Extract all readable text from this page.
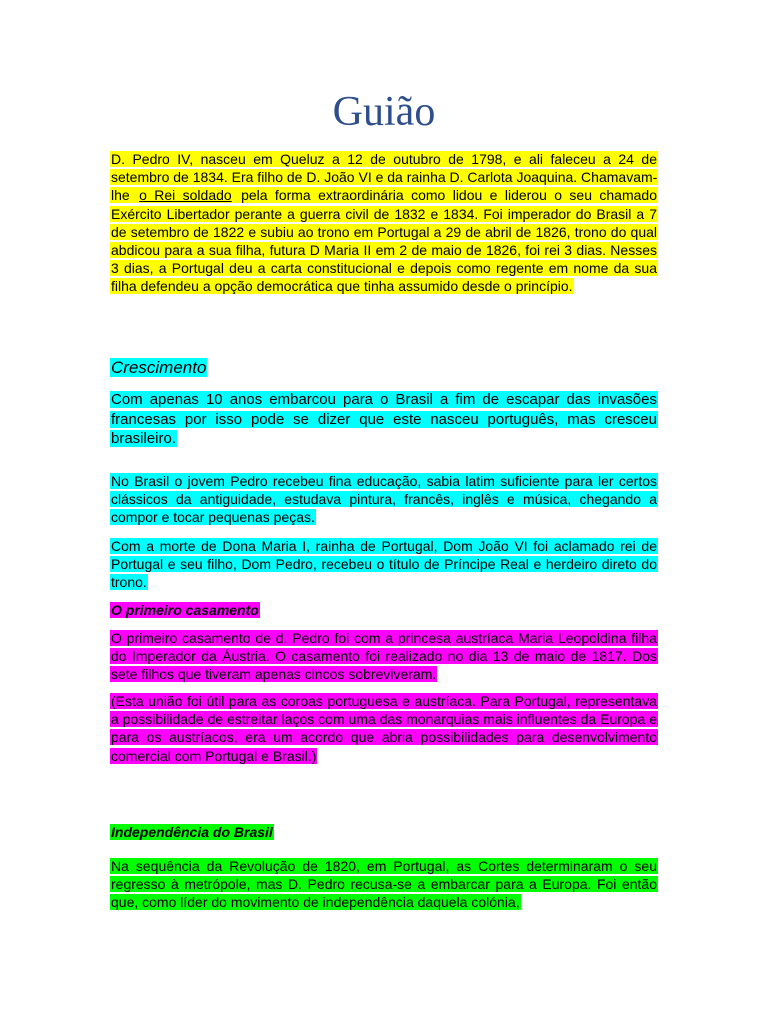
Guião
D. Pedro IV, nasceu em Queluz a 12 de outubro de 1798, e ali faleceu a 24 de setembro de 1834. Era filho de D. João VI e da rainha D. Carlota Joaquina. Chamavam-lhe o Rei soldado pela forma extraordinária como lidou e liderou o seu chamado Exército Libertador perante a guerra civil de 1832 e 1834. Foi imperador do Brasil a 7 de setembro de 1822 e subiu ao trono em Portugal a 29 de abril de 1826, trono do qual abdicou para a sua filha, futura D Maria II em 2 de maio de 1826, foi rei 3 dias. Nesses 3 dias, a Portugal deu a carta constitucional e depois como regente em nome da sua filha defendeu a opção democrática que tinha assumido desde o princípio.
Crescimento
Com apenas 10 anos embarcou para o Brasil a fim de escapar das invasões francesas por isso pode se dizer que este nasceu português, mas cresceu brasileiro.
No Brasil o jovem Pedro recebeu fina educação, sabia latim suficiente para ler certos clássicos da antiguidade, estudava pintura, francês, inglês e música, chegando a compor e tocar pequenas peças.
Com a morte de Dona Maria I, rainha de Portugal, Dom João VI foi aclamado rei de Portugal e seu filho, Dom Pedro, recebeu o título de Príncipe Real e herdeiro direto do trono.
O primeiro casamento
O primeiro casamento de d. Pedro foi com a princesa austríaca Maria Leopoldina filha do Imperador da Áustria. O casamento foi realizado no dia 13 de maio de 1817. Dos sete filhos que tiveram apenas cincos sobreviveram.
(Esta união foi útil para as coroas portuguesa e austríaca. Para Portugal, representava a possibilidade de estreitar laços com uma das monarquias mais influentes da Europa e para os austríacos, era um acordo que abria possibilidades para desenvolvimento comercial com Portugal e Brasil.)
Independência do Brasil
Na sequência da Revolução de 1820, em Portugal, as Cortes determinaram o seu regresso à metrópole, mas D. Pedro recusa-se a embarcar para a Europa. Foi então que, como líder do movimento de independência daquela colónia,
